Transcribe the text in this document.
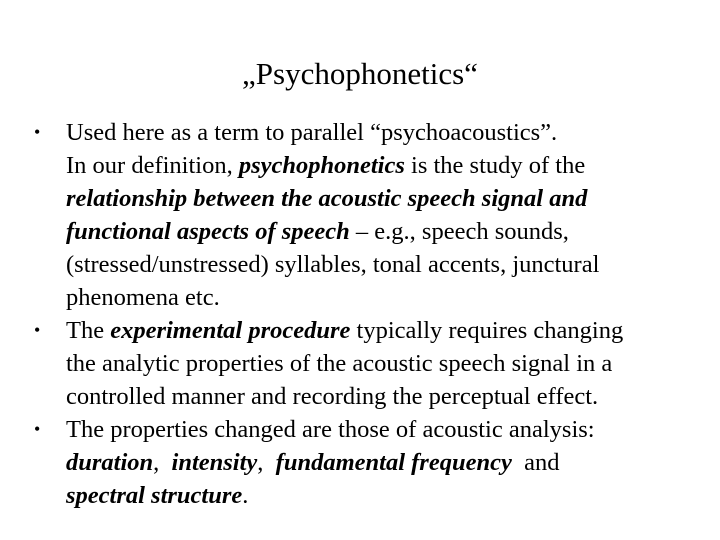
„Psychophonetics“
• Used here as a term to parallel “psychoacoustics”.
In our definition, psychophonetics is the study of the
relationship between the acoustic speech signal and
functional aspects of speech – e.g., speech sounds,
(stressed/unstressed) syllables, tonal accents, junctural
phenomena etc.
• The experimental procedure typically requires changing
the analytic properties of the acoustic speech signal in a
controlled manner and recording the perceptual effect.
• The properties changed are those of acoustic analysis:
duration,  intensity,  fundamental frequency  and
spectral structure.
